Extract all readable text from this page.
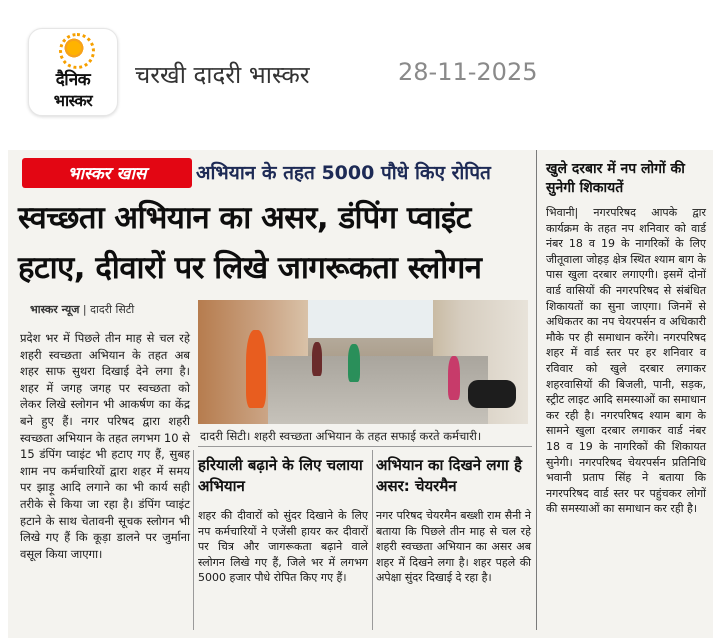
दैनिक
भास्कर
चरखी दादरी भास्कर	28-11-2025
भास्कर खास	अभियान के तहत 5000 पौधे किए रोपित
स्वच्छता अभियान का असर, डंपिंग प्वाइंट
हटाए, दीवारों पर लिखे जागरूकता स्लोगन
भास्कर न्यूज | दादरी सिटी
प्रदेश भर में पिछले तीन माह से चल रहे शहरी स्वच्छता अभियान के तहत अब शहर साफ सुथरा दिखाई देने लगा है। शहर में जगह जगह पर स्वच्छता को लेकर लिखे स्लोगन भी आकर्षण का केंद्र बने हुए हैं। नगर परिषद द्वारा शहरी स्वच्छता अभियान के तहत लगभग 10 से 15 डंपिंग प्वाइंट भी हटाए गए हैं, सुबह शाम नप कर्मचारियों द्वारा शहर में समय पर झाड़ू आदि लगाने का भी कार्य सही तरीके से किया जा रहा है। डंपिंग प्वाइंट हटाने के साथ चेतावनी सूचक स्लोगन भी लिखे गए हैं कि कूड़ा डालने पर जुर्माना वसूल किया जाएगा।
दादरी सिटी। शहरी स्वच्छता अभियान के तहत सफाई करते कर्मचारी।
हरियाली बढ़ाने के लिए चलाया अभियान
शहर की दीवारों को सुंदर दिखाने के लिए नप कर्मचारियों ने एजेंसी हायर कर दीवारों पर चित्र और जागरूकता बढ़ाने वाले स्लोगन लिखे गए हैं, जिले भर में लगभग 5000 हजार पौधे रोपित किए गए हैं।
अभियान का दिखने लगा है असर: चेयरमैन
नगर परिषद चेयरमैन बख्शी राम सैनी ने बताया कि पिछले तीन माह से चल रहे शहरी स्वच्छता अभियान का असर अब शहर में दिखने लगा है। शहर पहले की अपेक्षा सुंदर दिखाई दे रहा है।
खुले दरबार में नप लोगों की सुनेगी शिकायतें
भिवानी| नगरपरिषद आपके द्वार कार्यक्रम के तहत नप शनिवार को वार्ड नंबर 18 व 19 के नागरिकों के लिए जीतूवाला जोहड़ क्षेत्र स्थित श्याम बाग के पास खुला दरबार लगाएगी। इसमें दोनों वार्ड वासियों की नगरपरिषद से संबंधित शिकायतों का सुना जाएगा। जिनमें से अधिकतर का नप चेयरपर्सन व अधिकारी मौके पर ही समाधान करेंगे। नगरपरिषद शहर में वार्ड स्तर पर हर शनिवार व रविवार को खुले दरबार लगाकर शहरवासियों की बिजली, पानी, सड़क, स्ट्रीट लाइट आदि समस्याओं का समाधान कर रही है। नगरपरिषद श्याम बाग के सामने खुला दरबार लगाकर वार्ड नंबर 18 व 19 के नागरिकों की शिकायत सुनेगी। नगरपरिषद चेयरपर्सन प्रतिनिधि भवानी प्रताप सिंह ने बताया कि नगरपरिषद वार्ड स्तर पर पहुंचकर लोगों की समस्याओं का समाधान कर रही है।
